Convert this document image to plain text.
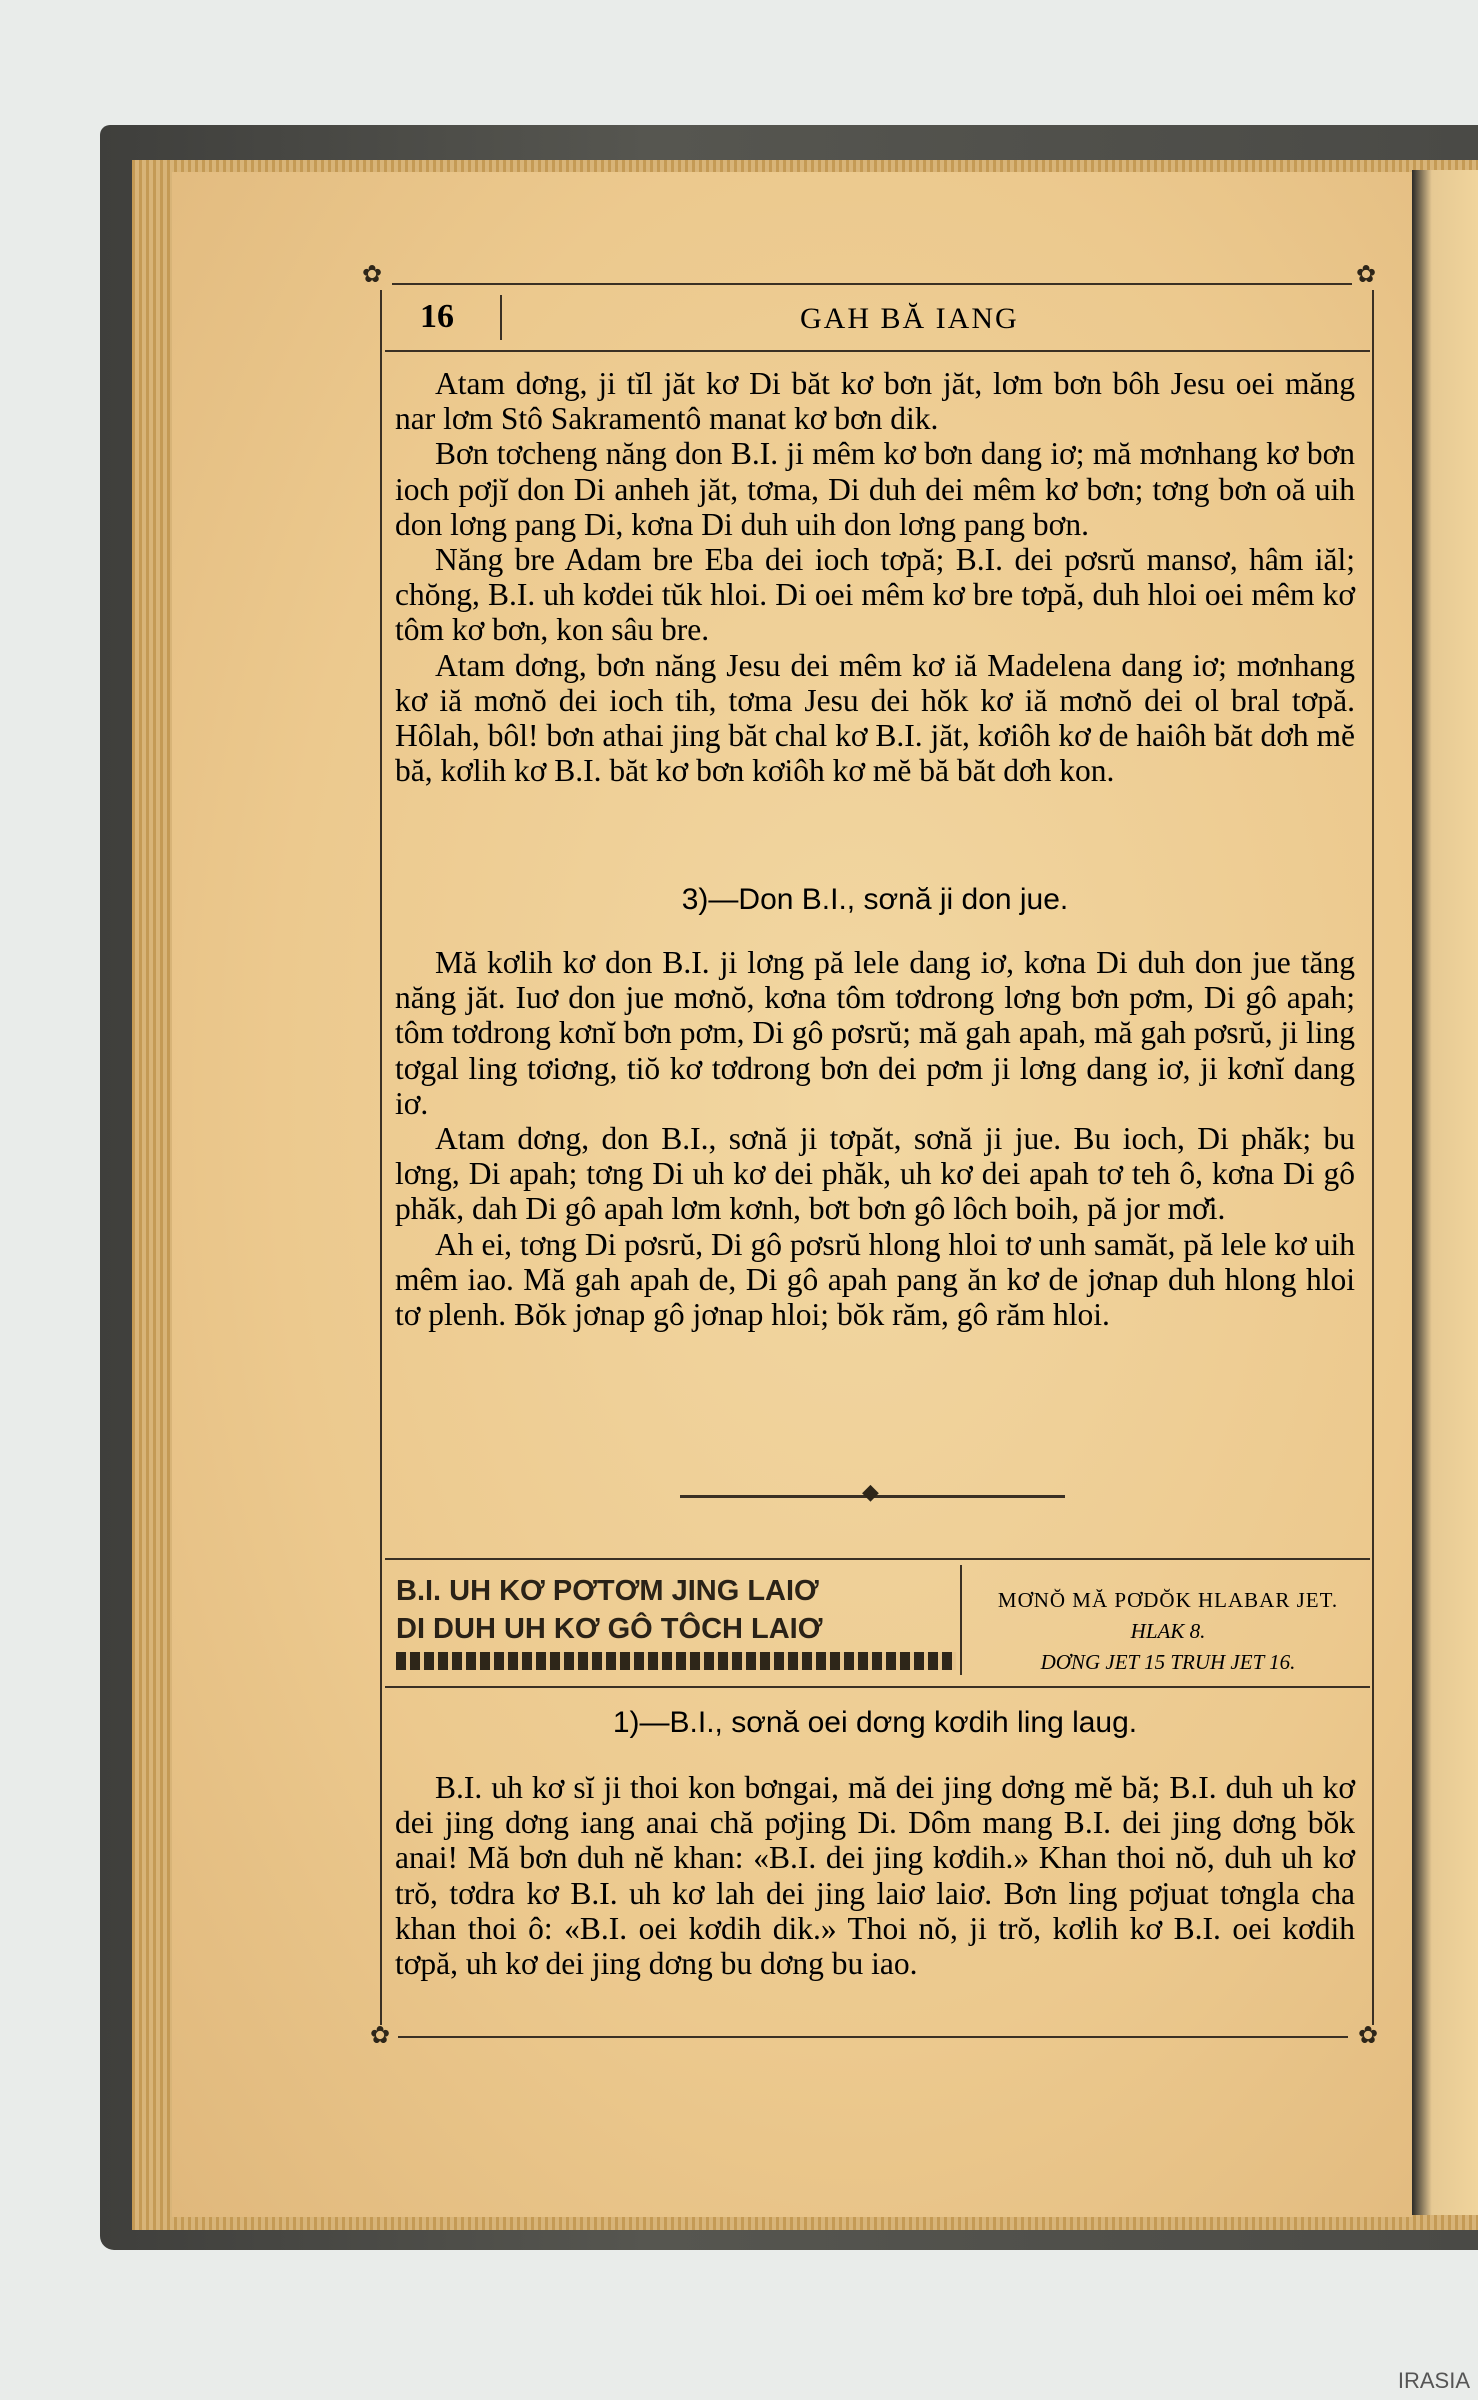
✿	✿
16	GAH BĂ IANG

Atam dơng, ji tĭl jăt kơ Di băt kơ bơn jăt, lơm bơn bôh Jesu oei măng nar lơm Stô Sakramentô manat kơ bơn dik.

Bơn tơcheng năng don B.I. ji mêm kơ bơn dang iơ; mă mơnhang kơ bơn ioch pơjĭ don Di anheh jăt, tơma, Di duh dei mêm kơ bơn; tơng bơn oă uih don lơng pang Di, kơna Di duh uih don lơng pang bơn.

Năng bre Adam bre Eba dei ioch tơpă; B.I. dei pơsrŭ mansơ, hâm iăl; chŏng, B.I. uh kơdei tŭk hloi. Di oei mêm kơ bre tơpă, duh hloi oei mêm kơ tôm kơ bơn, kon sâu bre.

Atam dơng, bơn năng Jesu dei mêm kơ iă Madelena dang iơ; mơnhang kơ iă mơnŏ dei ioch tih, tơma Jesu dei hŏk kơ iă mơnŏ dei ol bral tơpă. Hôlah, bôl! bơn athai jing băt chal kơ B.I. jăt, kơiôh kơ de haiôh băt dơh mĕ bă, kơlih kơ B.I. băt kơ bơn kơiôh kơ mĕ bă băt dơh kon.

3)—Don B.I., sơnă ji don jue.

Mă kơlih kơ don B.I. ji lơng pă lele dang iơ, kơna Di duh don jue tăng năng jăt. Iuơ don jue mơnŏ, kơna tôm tơdrong lơng bơn pơm, Di gô apah; tôm tơdrong kơnĭ bơn pơm, Di gô pơsrŭ; mă gah apah, mă gah pơsrŭ, ji ling tơgal ling tơiơng, tiŏ kơ tơdrong bơn dei pơm ji lơng dang iơ, ji kơnĭ dang iơ.

Atam dơng, don B.I., sơnă ji tơpăt, sơnă ji jue. Bu ioch, Di phăk; bu lơng, Di apah; tơng Di uh kơ dei phăk, uh kơ dei apah tơ teh ô, kơna Di gô phăk, dah Di gô apah lơm kơnh, bơt bơn gô lôch boih, pă jor mơ̆i.

Ah ei, tơng Di pơsrŭ, Di gô pơsrŭ hlong hloi tơ unh samăt, pă lele kơ uih mêm iao. Mă gah apah de, Di gô apah pang ăn kơ de jơnap duh hlong hloi tơ plenh. Bŏk jơnap gô jơnap hloi; bŏk răm, gô răm hloi.

◆
B.I. UH KƠ PƠTƠM JING LAIƠ
DI DUH UH KƠ GÔ TÔCH LAIƠ
MƠNŎ MĂ PƠDŎK HLABAR JET.
HLAK 8.
DƠNG JET 15 TRUH JET 16.
1)—B.I., sơnă oei dơng kơdih ling laug.

B.I. uh kơ sĭ ji thoi kon bơngai, mă dei jing dơng mĕ bă; B.I. duh uh kơ dei jing dơng iang anai chă pơjing Di. Dôm mang B.I. dei jing dơng bŏk anai! Mă bơn duh nĕ khan: «B.I. dei jing kơdih.» Khan thoi nŏ, duh uh kơ trŏ, tơdra kơ B.I. uh kơ lah dei jing laiơ laiơ. Bơn ling pơjuat tơngla cha khan thoi ô: «B.I. oei kơdih dik.» Thoi nŏ, ji trŏ, kơlih kơ B.I. oei kơdih tơpă, uh kơ dei jing dơng bu dơng bu iao.

✿	✿
IRASIA
